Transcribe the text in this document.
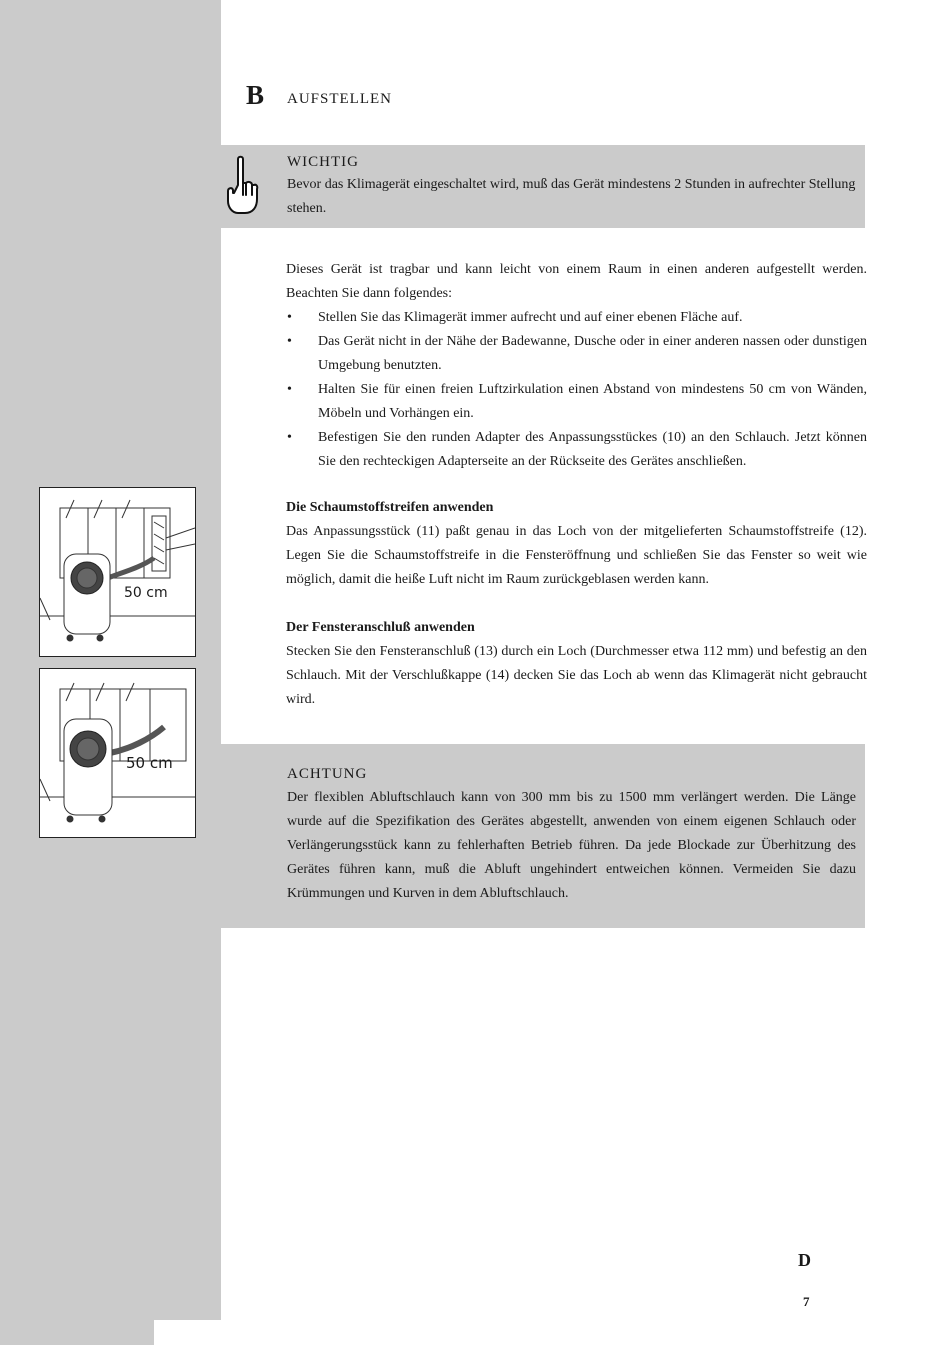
B AUFSTELLEN
WICHTIG

Bevor das Klimagerät eingeschaltet wird, muß das Gerät mindestens 2 Stunden in aufrechter Stellung stehen.

Dieses Gerät ist tragbar und kann leicht von einem Raum in einen anderen aufgestellt werden. Beachten Sie dann folgendes:

• Stellen Sie das Klimagerät immer aufrecht und auf einer ebenen Fläche auf.
• Das Gerät nicht in der Nähe der Badewanne, Dusche oder in einer anderen nassen oder dunstigen Umgebung benutzten.
• Halten Sie für einen freien Luftzirkulation einen Abstand von mindestens 50 cm von Wänden, Möbeln und Vorhängen ein.
• Befestigen Sie den runden Adapter des Anpassungsstückes (10) an den Schlauch. Jetzt können Sie den rechteckigen Adapterseite an der Rückseite des Gerätes anschließen.
Die Schaumstoffstreifen anwenden

Das Anpassungsstück (11) paßt genau in das Loch von der mitgelieferten Schaumstoffstreife (12). Legen Sie die Schaumstoffstreife in die Fensteröffnung und schließen Sie das Fenster so weit wie möglich, damit die heiße Luft nicht im Raum zurückgeblasen werden kann.

Der Fensteranschluß anwenden

Stecken Sie den Fensteranschluß (13) durch ein Loch (Durchmesser etwa 112 mm) und befestig an den Schlauch. Mit der Verschlußkappe (14) decken Sie das Loch ab wenn das Klimagerät nicht gebraucht wird.

50 cm
50 cm
ACHTUNG

Der flexiblen Abluftschlauch kann von 300 mm bis zu 1500 mm verlängert werden. Die Länge wurde auf die Spezifikation des Gerätes abgestellt, anwenden von einem eigenen Schlauch oder Verlängerungsstück kann zu fehlerhaften Betrieb führen. Da jede Blockade zur Überhitzung des Gerätes führen kann, muß die Abluft ungehindert entweichen können. Vermeiden Sie dazu Krümmungen und Kurven in dem Abluftschlauch.

D
7
